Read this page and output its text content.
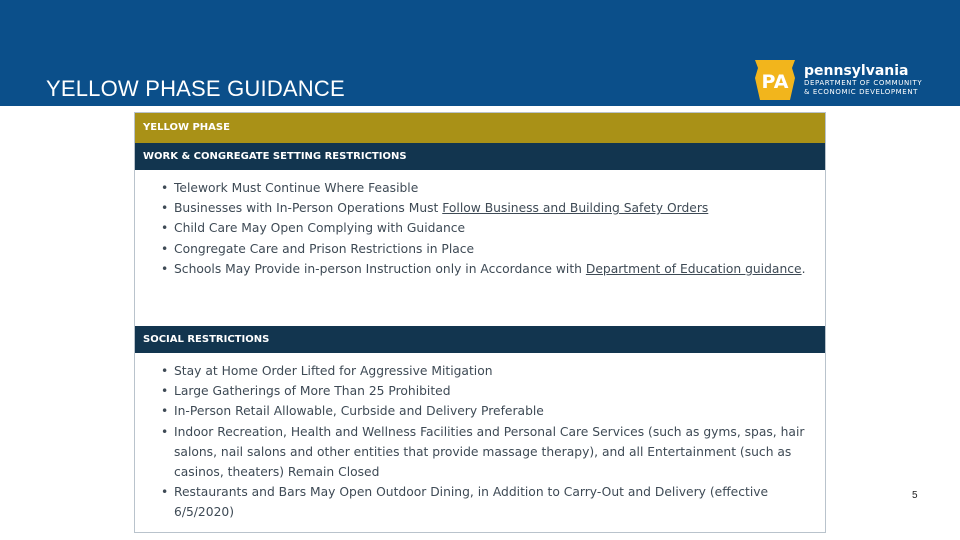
YELLOW PHASE GUIDANCE	PA pennsylvania
DEPARTMENT OF COMMUNITY
& ECONOMIC DEVELOPMENT
YELLOW PHASE
WORK & CONGREGATE SETTING RESTRICTIONS
• Telework Must Continue Where Feasible
• Businesses with In-Person Operations Must Follow Business and Building Safety Orders
• Child Care May Open Complying with Guidance
• Congregate Care and Prison Restrictions in Place
• Schools May Provide in-person Instruction only in Accordance with Department of Education guidance.
SOCIAL RESTRICTIONS
• Stay at Home Order Lifted for Aggressive Mitigation
• Large Gatherings of More Than 25 Prohibited
• In-Person Retail Allowable, Curbside and Delivery Preferable
• Indoor Recreation, Health and Wellness Facilities and Personal Care Services (such as gyms, spas, hair salons, nail salons and other entities that provide massage therapy), and all Entertainment (such as casinos, theaters) Remain Closed
• Restaurants and Bars May Open Outdoor Dining, in Addition to Carry-Out and Delivery (effective 6/5/2020)
5
